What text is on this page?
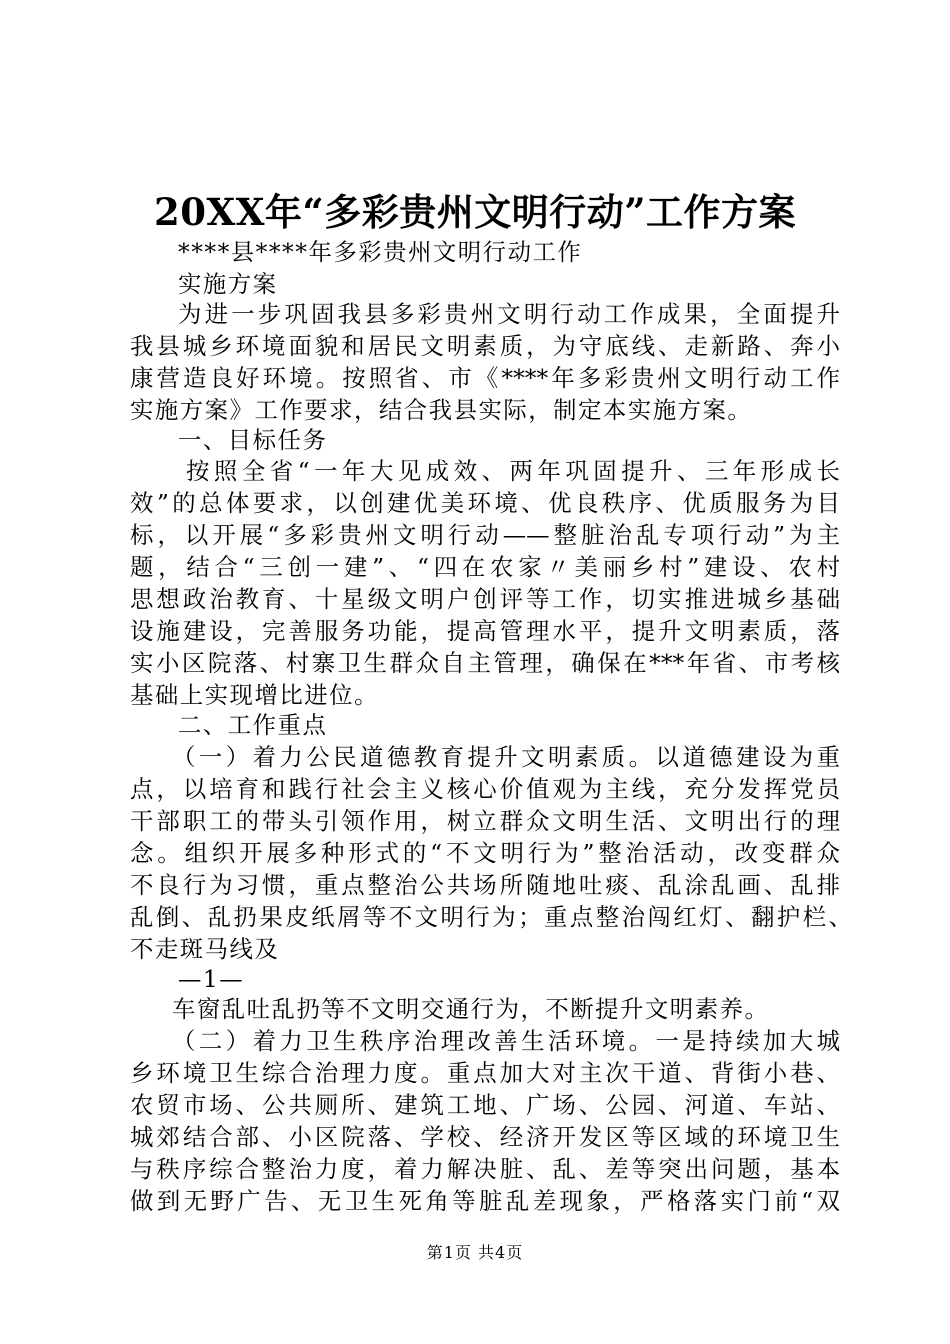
20XX年“多彩贵州文明行动”工作方案
****县****年多彩贵州文明行动工作
实施方案
为进一步巩固我县多彩贵州文明行动工作成果，全面提升
我县城乡环境面貌和居民文明素质，为守底线、走新路、奔小
康营造良好环境。按照省、市《****年多彩贵州文明行动工作
实施方案》工作要求，结合我县实际，制定本实施方案。
一、目标任务
按照全省“一年大见成效、两年巩固提升、三年形成长
效”的总体要求，以创建优美环境、优良秩序、优质服务为目
标，以开展“多彩贵州文明行动——整脏治乱专项行动”为主
题，结合“三创一建”、“四在农家〃美丽乡村”建设、农村
思想政治教育、十星级文明户创评等工作，切实推进城乡基础
设施建设，完善服务功能，提高管理水平，提升文明素质，落
实小区院落、村寨卫生群众自主管理，确保在***年省、市考核
基础上实现增比进位。
二、工作重点
（一）着力公民道德教育提升文明素质。以道德建设为重
点，以培育和践行社会主义核心价值观为主线，充分发挥党员
干部职工的带头引领作用，树立群众文明生活、文明出行的理
念。组织开展多种形式的“不文明行为”整治活动，改变群众
不良行为习惯，重点整治公共场所随地吐痰、乱涂乱画、乱排
乱倒、乱扔果皮纸屑等不文明行为；重点整治闯红灯、翻护栏、
不走斑马线及
—1—
车窗乱吐乱扔等不文明交通行为，不断提升文明素养。
（二）着力卫生秩序治理改善生活环境。一是持续加大城
乡环境卫生综合治理力度。重点加大对主次干道、背街小巷、
农贸市场、公共厕所、建筑工地、广场、公园、河道、车站、
城郊结合部、小区院落、学校、经济开发区等区域的环境卫生
与秩序综合整治力度，着力解决脏、乱、差等突出问题，基本
做到无野广告、无卫生死角等脏乱差现象，严格落实门前“双
第1页 共4页
